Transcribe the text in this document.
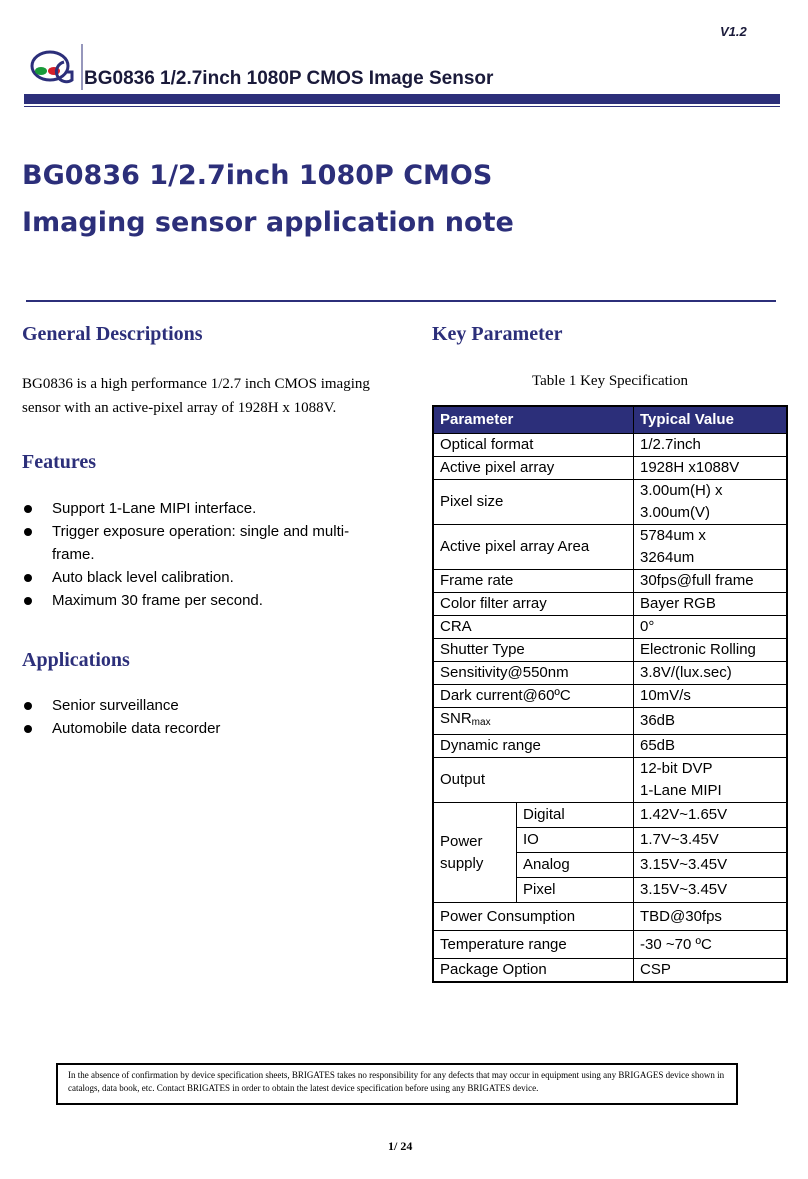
V1.2
BG0836 1/2.7inch 1080P CMOS Image Sensor
BG0836 1/2.7inch 1080P CMOS
Imaging sensor application note
General Descriptions

BG0836 is a high performance 1/2.7 inch CMOS imaging sensor with an active-pixel array of 1928H x 1088V.

Features
Support 1-Lane MIPI interface.
Trigger exposure operation: single and multi-frame.
Auto black level calibration.
Maximum 30 frame per second.
Applications
Senior surveillance
Automobile data recorder
Key Parameter
Table 1 Key Specification
Parameter		Typical Value
Optical format		1/2.7inch
Active pixel array		1928H x1088V
Pixel size		3.00um(H) x
3.00um(V)
Active pixel array Area		5784um x
3264um
Frame rate		30fps@full frame
Color filter array		Bayer RGB
CRA		0°
Shutter Type		Electronic Rolling
Sensitivity@550nm		3.8V/(lux.sec)
Dark current@60ºC		10mV/s
$SNR_{max}$		36dB
Dynamic range		65dB
Output		12-bit DVP
1-Lane MIPI
Power
supply	Digital	1.42V~1.65V
	IO	1.7V~3.45V
	Analog	3.15V~3.45V
	Pixel	3.15V~3.45V
Power Consumption		TBD@30fps
Temperature range		-30 ~70 ºC
Package Option		CSP
In the absence of confirmation by device specification sheets, BRIGATES takes no responsibility for any defects that may occur in equipment using any BRIGAGES device shown in catalogs, data book, etc. Contact BRIGATES in order to obtain the latest device specification before using any BRIGATES device.
1/ 24
